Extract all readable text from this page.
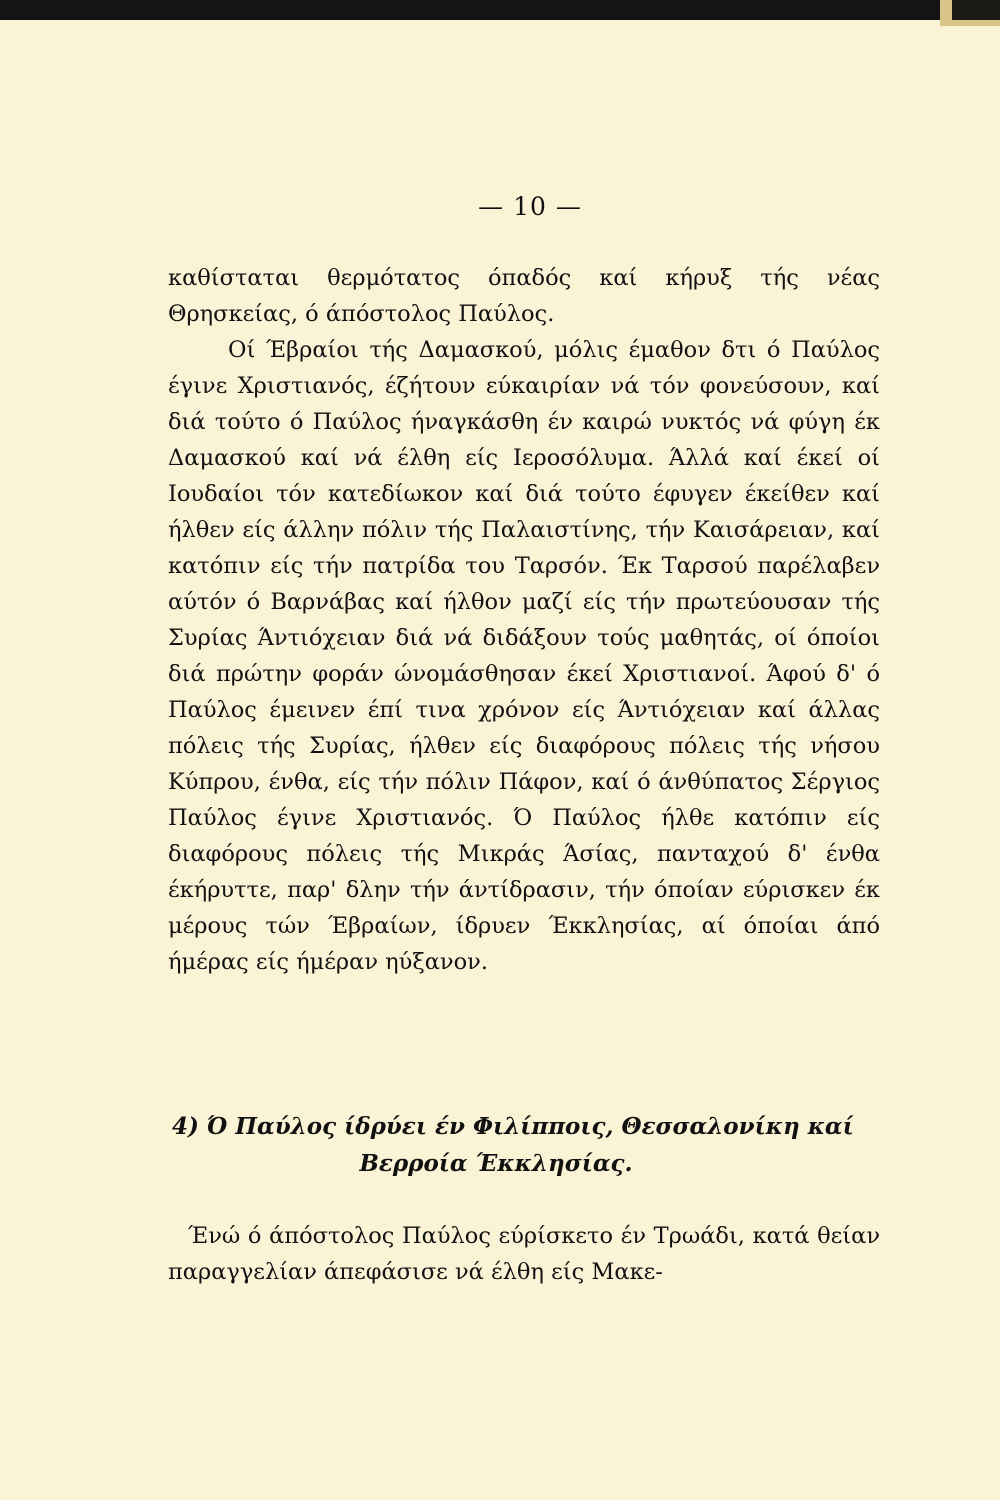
— 10 —

καθίσταται θερμότατος όπαδός καί κήρυξ τής νέας Θρησκείας, ό άπόστολος Παύλος.

Οί Έβραίοι τής Δαμασκού, μόλις έμαθον δτι ό Παύλος έγινε Χριστιανός, έζήτουν εύκαιρίαν νά τόν φονεύσουν, καί διά τούτο ό Παύλος ήναγκάσθη έν καιρώ νυκτός νά φύγη έκ Δαμασκού καί νά έλθη είς Ιεροσόλυμα. Άλλά καί έκεί οί Ιουδαίοι τόν κατεδίωκον καί διά τούτο έφυγεν έκείθεν καί ήλθεν είς άλλην πόλιν τής Παλαιστίνης, τήν Καισάρειαν, καί κατόπιν είς τήν πατρίδα του Ταρσόν. Έκ Ταρσού παρέλαβεν αύτόν ό Βαρνάβας καί ήλθον μαζί είς τήν πρωτεύουσαν τής Συρίας Άντιόχειαν διά νά διδάξουν τούς μαθητάς, οί όποίοι διά πρώτην φοράν ώνομάσθησαν έκεί Χριστιανοί. Άφού δ' ό Παύλος έμεινεν έπί τινα χρόνον είς Άντιόχειαν καί άλλας πόλεις τής Συρίας, ήλθεν είς διαφόρους πόλεις τής νήσου Κύπρου, ένθα, είς τήν πόλιν Πάφον, καί ό άνθύπατος Σέργιος Παύλος έγινε Χριστιανός. Ό Παύλος ήλθε κατόπιν είς διαφόρους πόλεις τής Μικράς Άσίας, πανταχού δ' ένθα έκήρυττε, παρ' δλην τήν άντίδρασιν, τήν όποίαν εύρισκεν έκ μέρους τών Έβραίων, ίδρυεν Έκκλησίας, αί όποίαι άπό ήμέρας είς ήμέραν ηύξανον.

4) Ό Παύλος ίδρύει έν Φιλίπποις, Θεσσαλονίκη καί
Βερροία Έκκλησίας.

Ένώ ό άπόστολος Παύλος εύρίσκετο έν Τρωάδι, κατά θείαν παραγγελίαν άπεφάσισε νά έλθη είς Μακε-
